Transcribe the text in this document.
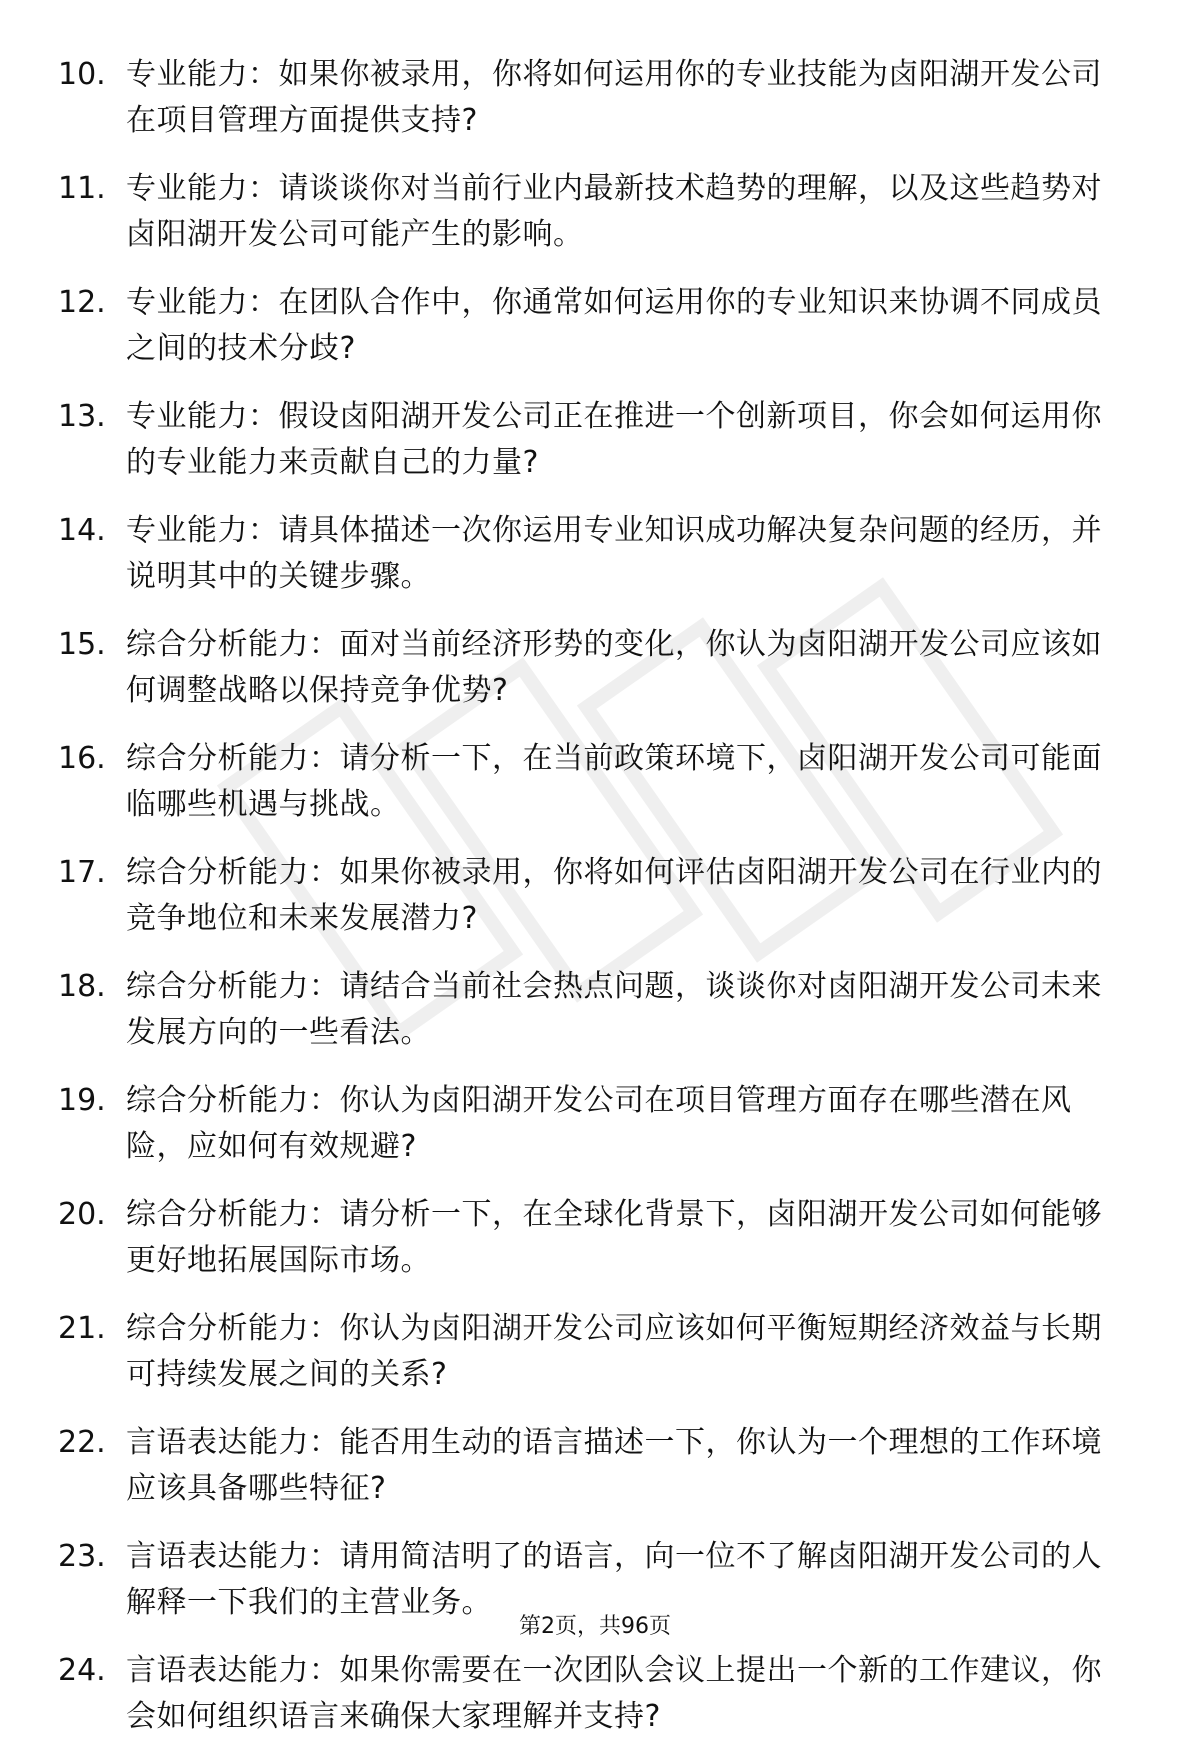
10. 专业能力：如果你被录用，你将如何运用你的专业技能为卤阳湖开发公司在项目管理方面提供支持?
11. 专业能力：请谈谈你对当前行业内最新技术趋势的理解，以及这些趋势对卤阳湖开发公司可能产生的影响。
12. 专业能力：在团队合作中，你通常如何运用你的专业知识来协调不同成员之间的技术分歧?
13. 专业能力：假设卤阳湖开发公司正在推进一个创新项目，你会如何运用你的专业能力来贡献自己的力量?
14. 专业能力：请具体描述一次你运用专业知识成功解决复杂问题的经历，并说明其中的关键步骤。
15. 综合分析能力：面对当前经济形势的变化，你认为卤阳湖开发公司应该如何调整战略以保持竞争优势?
16. 综合分析能力：请分析一下，在当前政策环境下，卤阳湖开发公司可能面临哪些机遇与挑战。
17. 综合分析能力：如果你被录用，你将如何评估卤阳湖开发公司在行业内的竞争地位和未来发展潜力?
18. 综合分析能力：请结合当前社会热点问题，谈谈你对卤阳湖开发公司未来发展方向的一些看法。
19. 综合分析能力：你认为卤阳湖开发公司在项目管理方面存在哪些潜在风险，应如何有效规避?
20. 综合分析能力：请分析一下，在全球化背景下，卤阳湖开发公司如何能够更好地拓展国际市场。
21. 综合分析能力：你认为卤阳湖开发公司应该如何平衡短期经济效益与长期可持续发展之间的关系?
22. 言语表达能力：能否用生动的语言描述一下，你认为一个理想的工作环境应该具备哪些特征?
23. 言语表达能力：请用简洁明了的语言，向一位不了解卤阳湖开发公司的人解释一下我们的主营业务。
24. 言语表达能力：如果你需要在一次团队会议上提出一个新的工作建议，你会如何组织语言来确保大家理解并支持?
第2页，共96页
